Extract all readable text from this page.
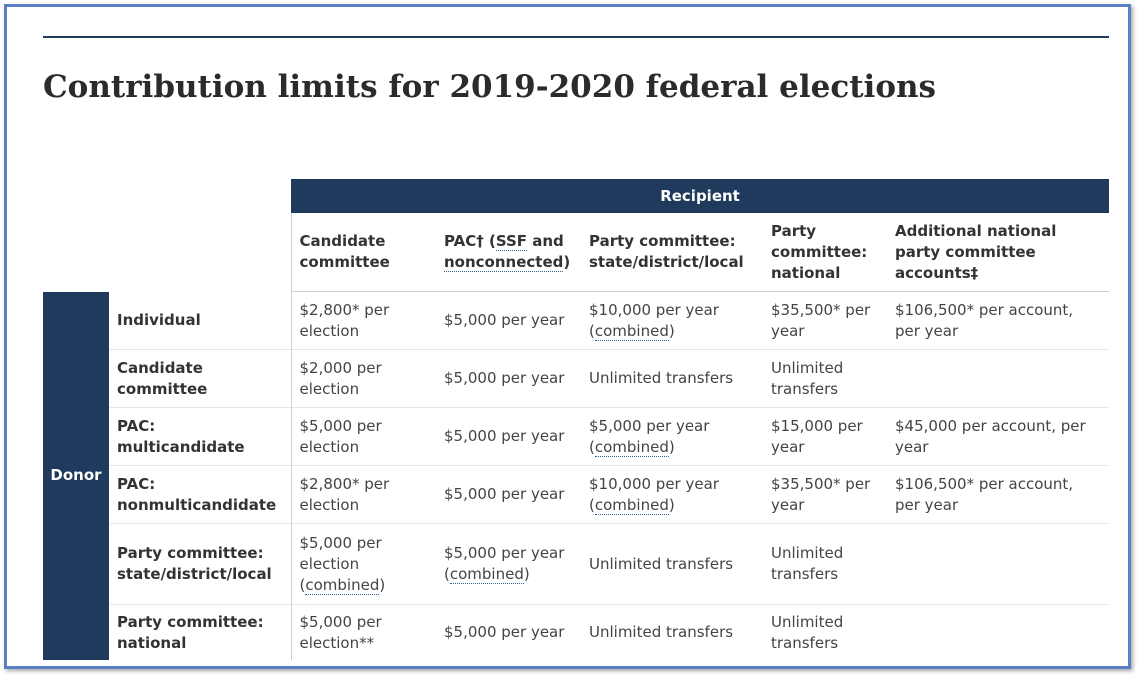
Contribution limits for 2019-2020 federal elections
		Recipient				
		Candidate committee	PAC† (SSF and nonconnected)	Party committee: state/district/local	Party committee: national	Additional national party committee accounts‡
Donor	Individual	$2,800* per election	$5,000 per year	$10,000 per year (combined)	$35,500* per year	$106,500* per account, per year
	Candidate committee	$2,000 per election	$5,000 per year	Unlimited transfers	Unlimited transfers	
	PAC: multicandidate	$5,000 per election	$5,000 per year	$5,000 per year (combined)	$15,000 per year	$45,000 per account, per year
	PAC: nonmulticandidate	$2,800* per election	$5,000 per year	$10,000 per year (combined)	$35,500* per year	$106,500* per account, per year
	Party committee: state/district/local	$5,000 per election (combined)	$5,000 per year (combined)	Unlimited transfers	Unlimited transfers	
	Party committee: national	$5,000 per election**	$5,000 per year	Unlimited transfers	Unlimited transfers	
